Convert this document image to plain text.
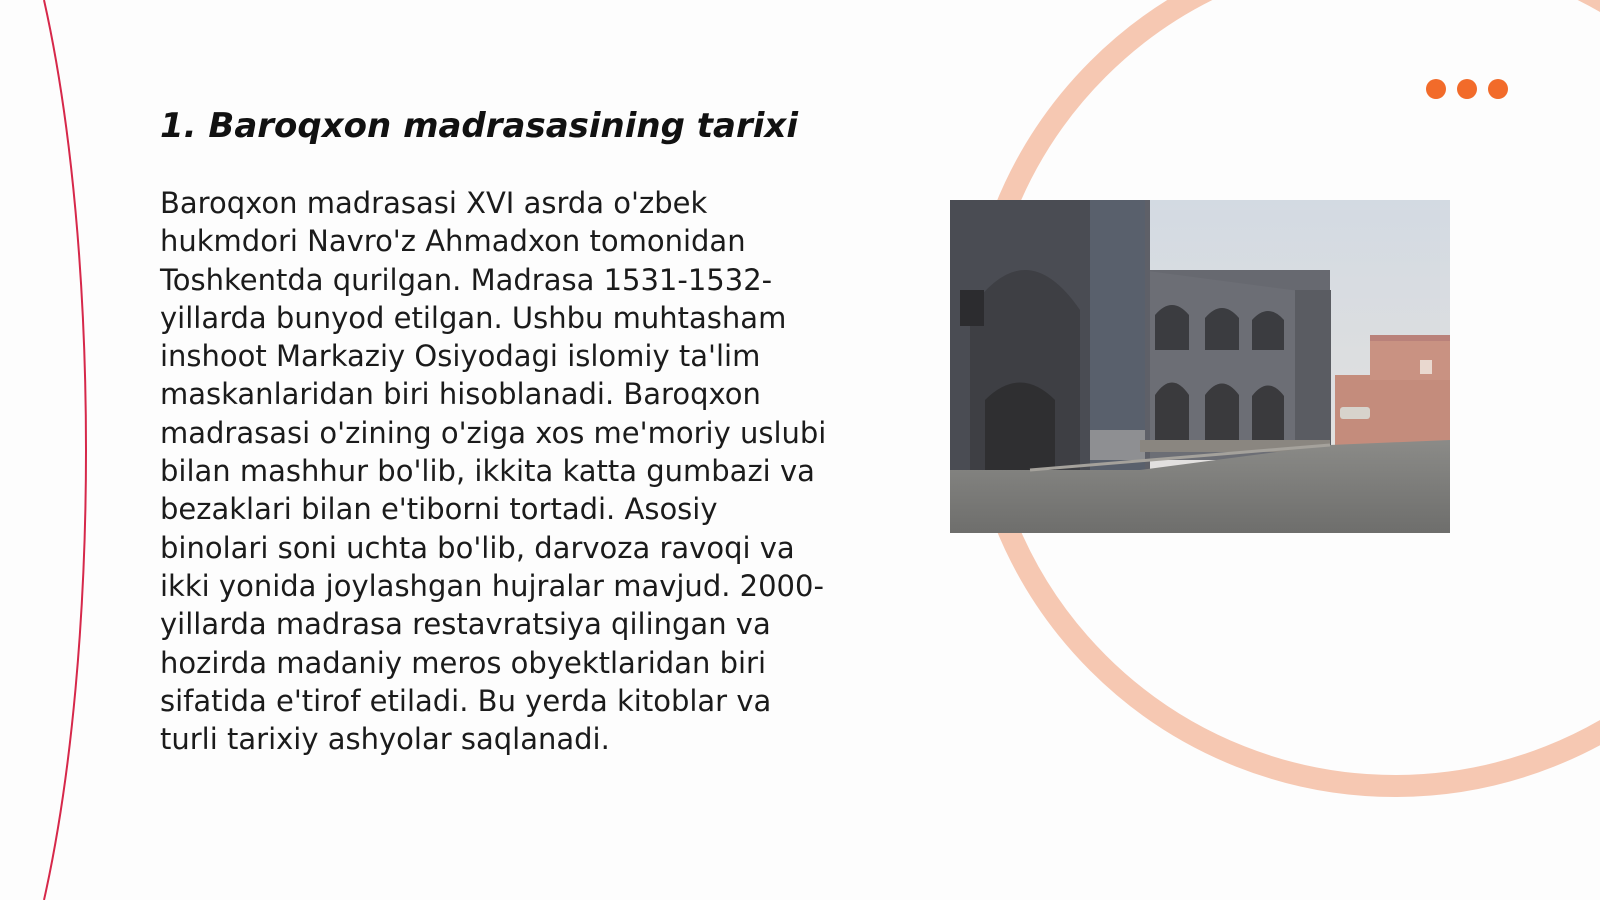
1. Baroqxon madrasasining tarixi

Baroqxon madrasasi XVI asrda o'zbek hukmdori Navro'z Ahmadxon tomonidan Toshkentda qurilgan. Madrasa 1531-1532-yillarda bunyod etilgan. Ushbu muhtasham inshoot Markaziy Osiyodagi islomiy ta'lim maskanlaridan biri hisoblanadi. Baroqxon madrasasi o'zining o'ziga xos me'moriy uslubi bilan mashhur bo'lib, ikkita katta gumbazi va bezaklari bilan e'tiborni tortadi. Asosiy binolari soni uchta bo'lib, darvoza ravoqi va ikki yonida joylashgan hujralar mavjud. 2000-yillarda madrasa restavratsiya qilingan va hozirda madaniy meros obyektlaridan biri sifatida e'tirof etiladi. Bu yerda kitoblar va turli tarixiy ashyolar saqlanadi.
